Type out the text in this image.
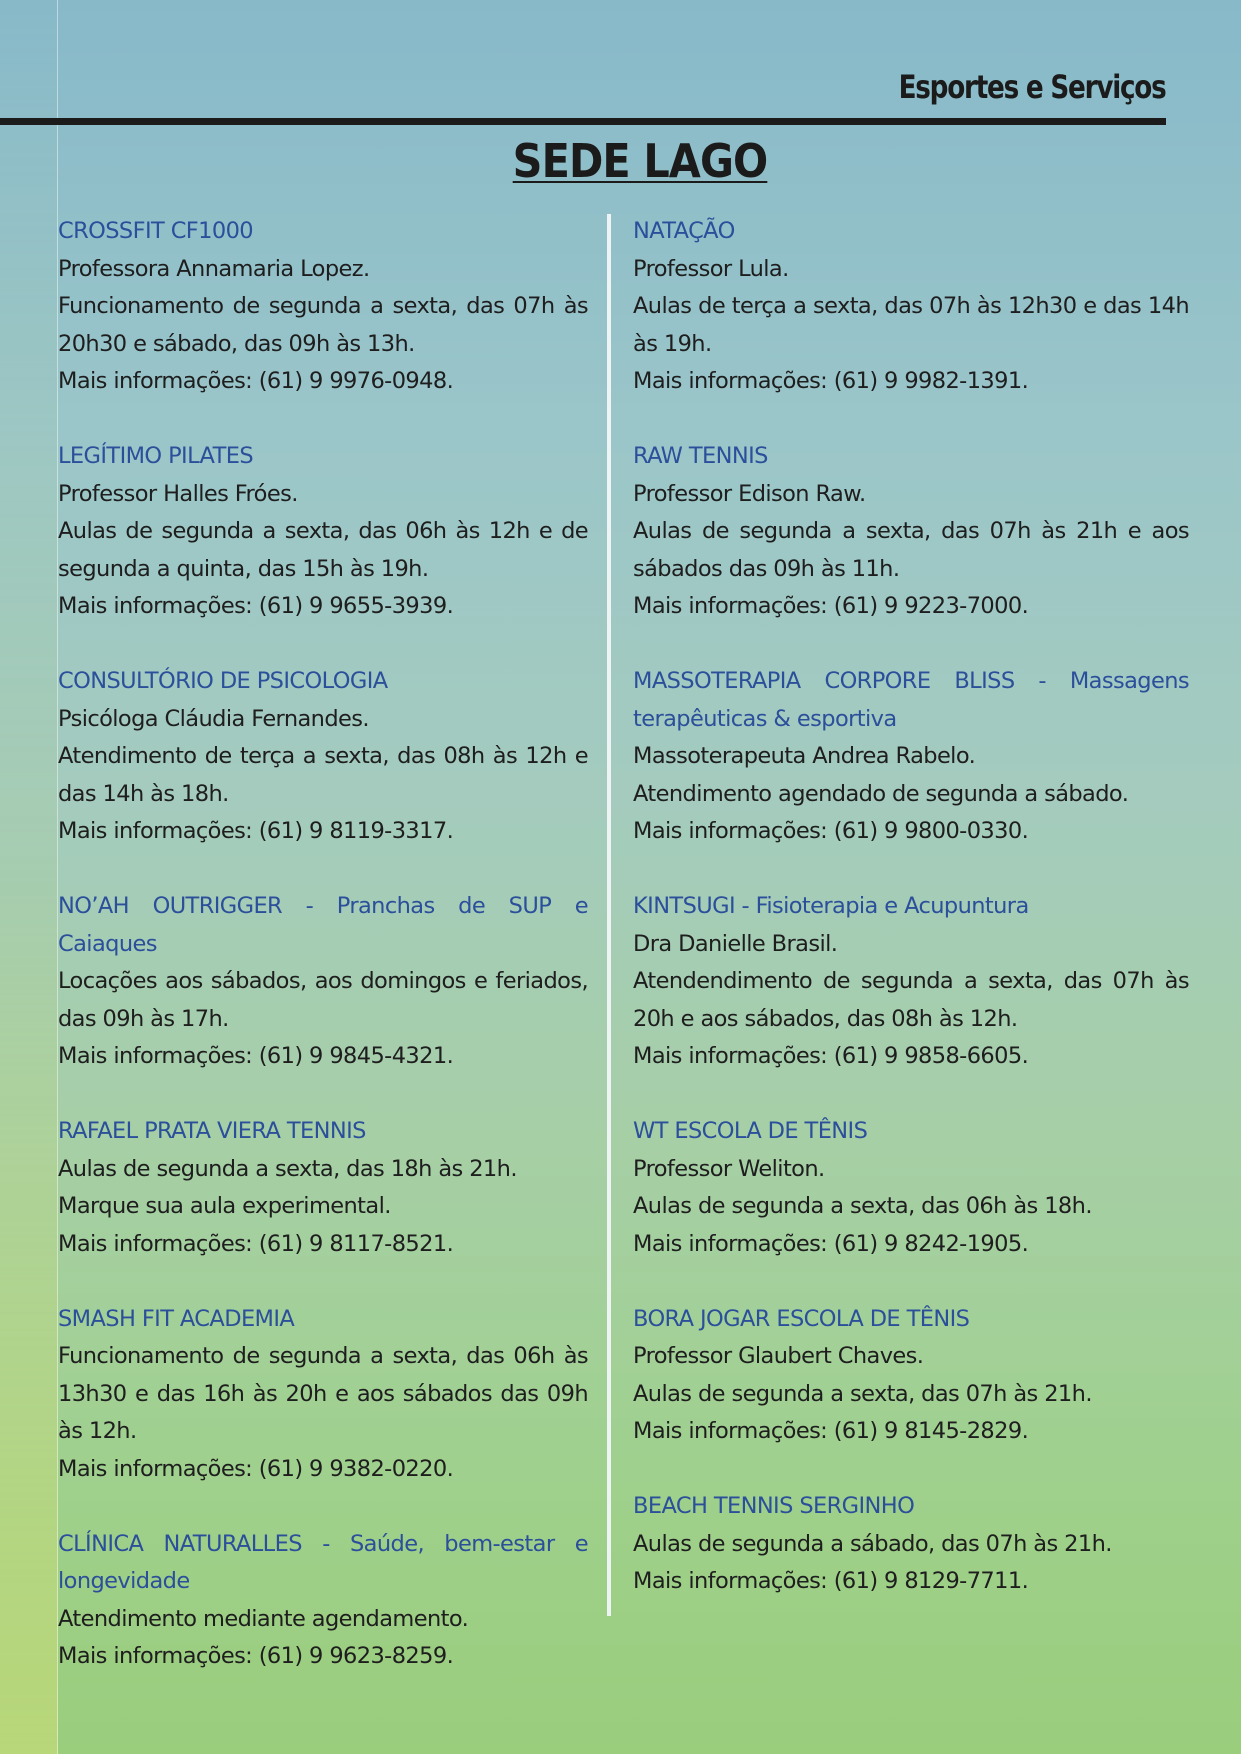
Esportes e Serviços
SEDE LAGO

CROSSFIT CF1000

Professora Annamaria Lopez.

Funcionamento de segunda a sexta, das 07h às 20h30 e sábado, das 09h às 13h.

Mais informações: (61) 9 9976-0948.

LEGÍTIMO PILATES

Professor Halles Fróes.

Aulas de segunda a sexta, das 06h às 12h e de segunda a quinta, das 15h às 19h.

Mais informações: (61) 9 9655-3939.

CONSULTÓRIO DE PSICOLOGIA

Psicóloga Cláudia Fernandes.

Atendimento de terça a sexta, das 08h às 12h e das 14h às 18h.

Mais informações: (61) 9 8119-3317.

NO’AH OUTRIGGER - Pranchas de SUP e Caiaques

Locações aos sábados, aos domingos e feriados, das 09h às 17h.

Mais informações: (61) 9 9845-4321.

RAFAEL PRATA VIERA TENNIS

Aulas de segunda a sexta, das 18h às 21h.

Marque sua aula experimental.

Mais informações: (61) 9 8117-8521.

SMASH FIT ACADEMIA

Funcionamento de segunda a sexta, das 06h às 13h30 e das 16h às 20h e aos sábados das 09h às 12h.

Mais informações: (61) 9 9382-0220.

CLÍNICA NATURALLES - Saúde, bem-estar e longevidade

Atendimento mediante agendamento.

Mais informações: (61) 9 9623-8259.

NATAÇÃO

Professor Lula.

Aulas de terça a sexta, das 07h às 12h30 e das 14h às 19h.

Mais informações: (61) 9 9982-1391.

RAW TENNIS

Professor Edison Raw.

Aulas de segunda a sexta, das 07h às 21h e aos sábados das 09h às 11h.

Mais informações: (61) 9 9223-7000.

MASSOTERAPIA CORPORE BLISS - Massagens terapêuticas & esportiva

Massoterapeuta Andrea Rabelo.

Atendimento agendado de segunda a sábado.

Mais informações: (61) 9 9800-0330.

KINTSUGI - Fisioterapia e Acupuntura

Dra Danielle Brasil.

Atendendimento de segunda a sexta, das 07h às 20h e aos sábados, das 08h às 12h.

Mais informações: (61) 9 9858-6605.

WT ESCOLA DE TÊNIS

Professor Weliton.

Aulas de segunda a sexta, das 06h às 18h.

Mais informações: (61) 9 8242-1905.

BORA JOGAR ESCOLA DE TÊNIS

Professor Glaubert Chaves.

Aulas de segunda a sexta, das 07h às 21h.

Mais informações: (61) 9 8145-2829.

BEACH TENNIS SERGINHO

Aulas de segunda a sábado, das 07h às 21h.

Mais informações: (61) 9 8129-7711.
